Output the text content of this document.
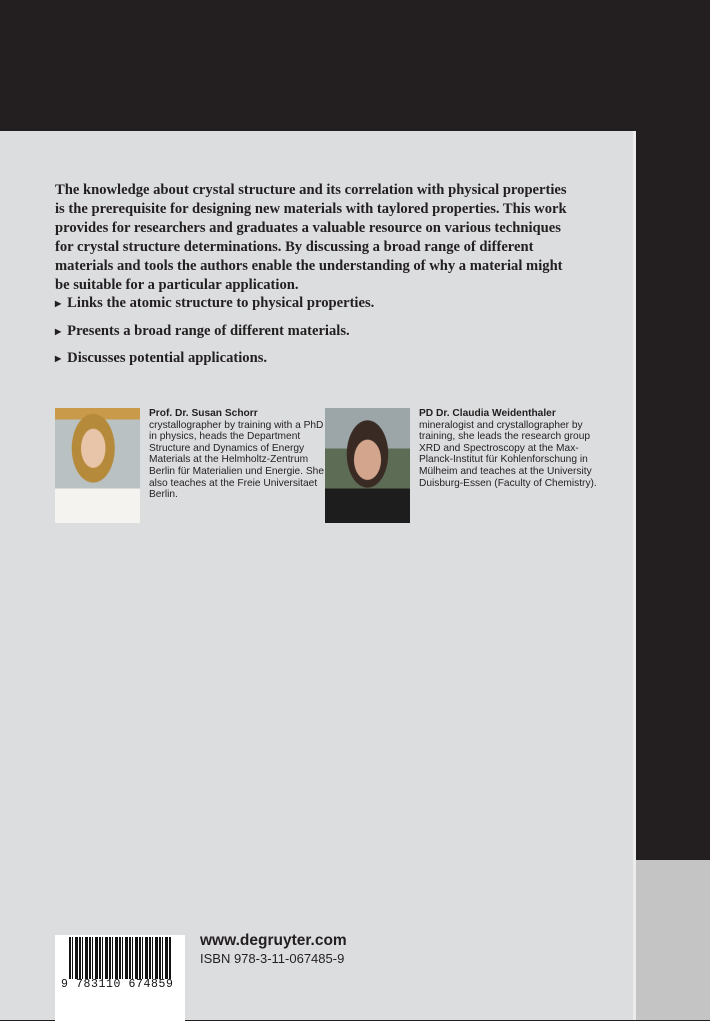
The knowledge about crystal structure and its correlation with physical properties is the prerequisite for designing new materials with taylored properties. This work provides for researchers and graduates a valuable resource on various techniques for crystal structure determinations. By discussing a broad range of different materials and tools the authors enable the understanding of why a material might be suitable for a particular application.

▶ Links the atomic structure to physical properties.
▶ Presents a broad range of different materials.
▶ Discusses potential applications.
Prof. Dr. Susan Schorr
crystallographer by training with a PhD in physics, heads the Department Structure and Dynamics of Energy Materials at the Helmholtz-Zentrum Berlin für Materialien und Energie. She also teaches at the Freie Universitaet Berlin.
PD Dr. Claudia Weidenthaler
mineralogist and crystallographer by training, she leads the research group XRD and Spectroscopy at the Max-Planck-Institut für Kohlenforschung in Mülheim and teaches at the University Duisburg-Essen (Faculty of Chemistry).
9 783110 674859
www.degruyter.com
ISBN 978-3-11-067485-9
